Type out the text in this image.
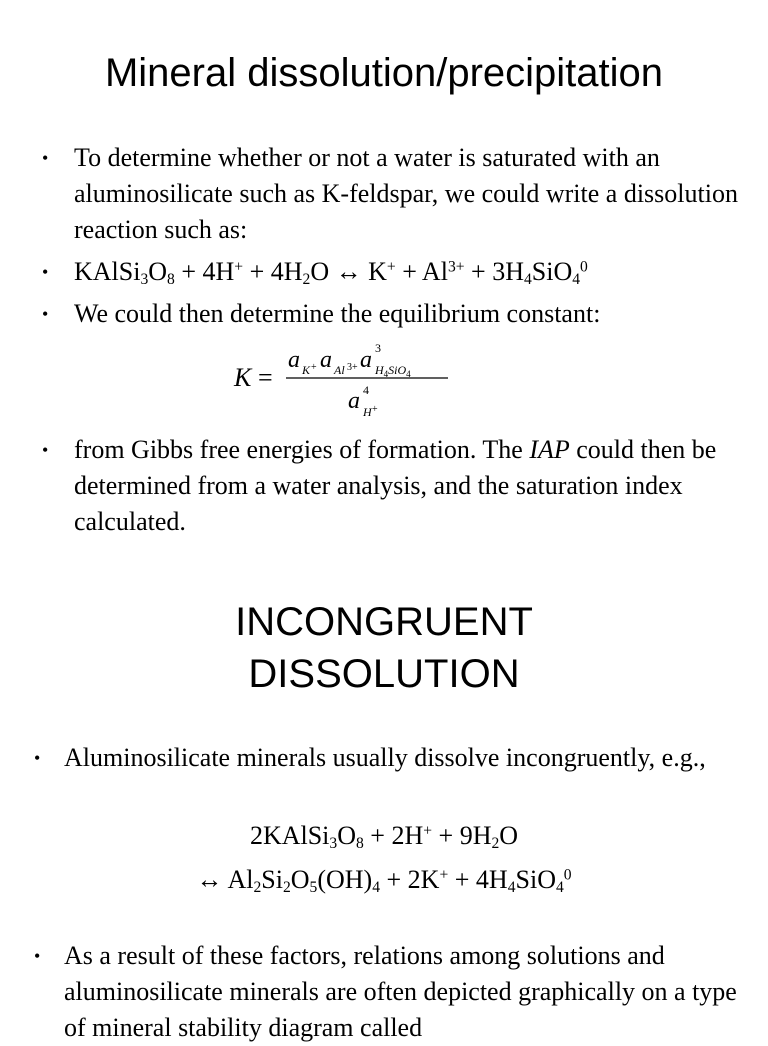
Mineral dissolution/precipitation
• To determine whether or not a water is saturated with an aluminosilicate such as K-feldspar, we could write a dissolution reaction such as:
• $KAlSi_3O_8 + 4H^+ + 4H_2O$ ↔ $K^+ + Al^{3+} + 3H_4SiO_4^0$
• We could then determine the equilibrium constant:
• from Gibbs free energies of formation. The IAP could then be determined from a water analysis, and the saturation index calculated.
K =
a K + a Al 3+ a 3
$H_4SiO_4$
a 4
H +
INCONGRUENT
DISSOLUTION
• Aluminosilicate minerals usually dissolve incongruently, e.g.,
$2KAlSi_3O_8 + 2H^+ + 9H_2O$
↔ $Al_2Si_2O_5(OH)_4 + 2K^+ + 4H_4SiO_4^0$
• As a result of these factors, relations among solutions and aluminosilicate minerals are often depicted graphically on a type of mineral stability diagram called
